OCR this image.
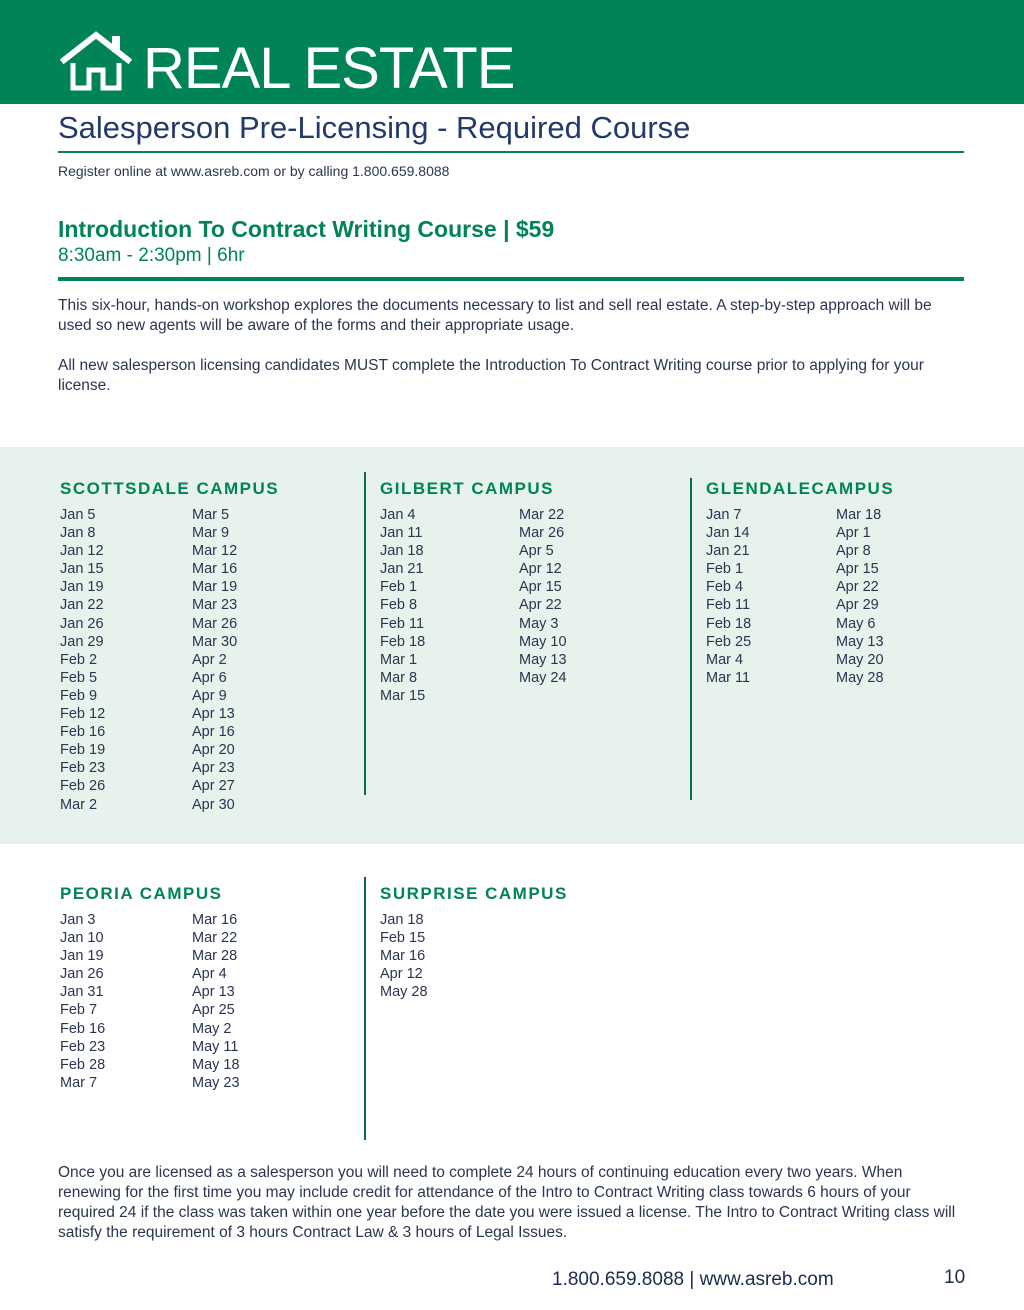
REAL ESTATE
Salesperson Pre-Licensing - Required Course
Register online at www.asreb.com or by calling 1.800.659.8088
Introduction To Contract Writing Course | $59
8:30am - 2:30pm | 6hr

This six-hour, hands-on workshop explores the documents necessary to list and sell real estate. A step-by-step approach will be used so new agents will be aware of the forms and their appropriate usage.

All new salesperson licensing candidates MUST complete the Introduction To Contract Writing course prior to applying for your license.

SCOTTSDALE CAMPUS
Jan 5
Jan 8
Jan 12
Jan 15
Jan 19
Jan 22
Jan 26
Jan 29
Feb 2
Feb 5
Feb 9
Feb 12
Feb 16
Feb 19
Feb 23
Feb 26
Mar 2
Mar 5
Mar 9
Mar 12
Mar 16
Mar 19
Mar 23
Mar 26
Mar 30
Apr 2
Apr 6
Apr 9
Apr 13
Apr 16
Apr 20
Apr 23
Apr 27
Apr 30
GILBERT CAMPUS
Jan 4
Jan 11
Jan 18
Jan 21
Feb 1
Feb 8
Feb 11
Feb 18
Mar 1
Mar 8
Mar 15
Mar 22
Mar 26
Apr 5
Apr 12
Apr 15
Apr 22
May 3
May 10
May 13
May 24
GLENDALECAMPUS
Jan 7
Jan 14
Jan 21
Feb 1
Feb 4
Feb 11
Feb 18
Feb 25
Mar 4
Mar 11
Mar 18
Apr 1
Apr 8
Apr 15
Apr 22
Apr 29
May 6
May 13
May 20
May 28
PEORIA CAMPUS
Jan 3
Jan 10
Jan 19
Jan 26
Jan 31
Feb 7
Feb 16
Feb 23
Feb 28
Mar 7
Mar 16
Mar 22
Mar 28
Apr 4
Apr 13
Apr 25
May 2
May 11
May 18
May 23
SURPRISE CAMPUS
Jan 18
Feb 15
Mar 16
Apr 12
May 28

Once you are licensed as a salesperson you will need to complete 24 hours of continuing education every two years. When renewing for the first time you may include credit for attendance of the Intro to Contract Writing class towards 6 hours of your required 24 if the class was taken within one year before the date you were issued a license. The Intro to Contract Writing class will satisfy the requirement of 3 hours Contract Law & 3 hours of Legal Issues.

1.800.659.8088 | www.asreb.com	10
